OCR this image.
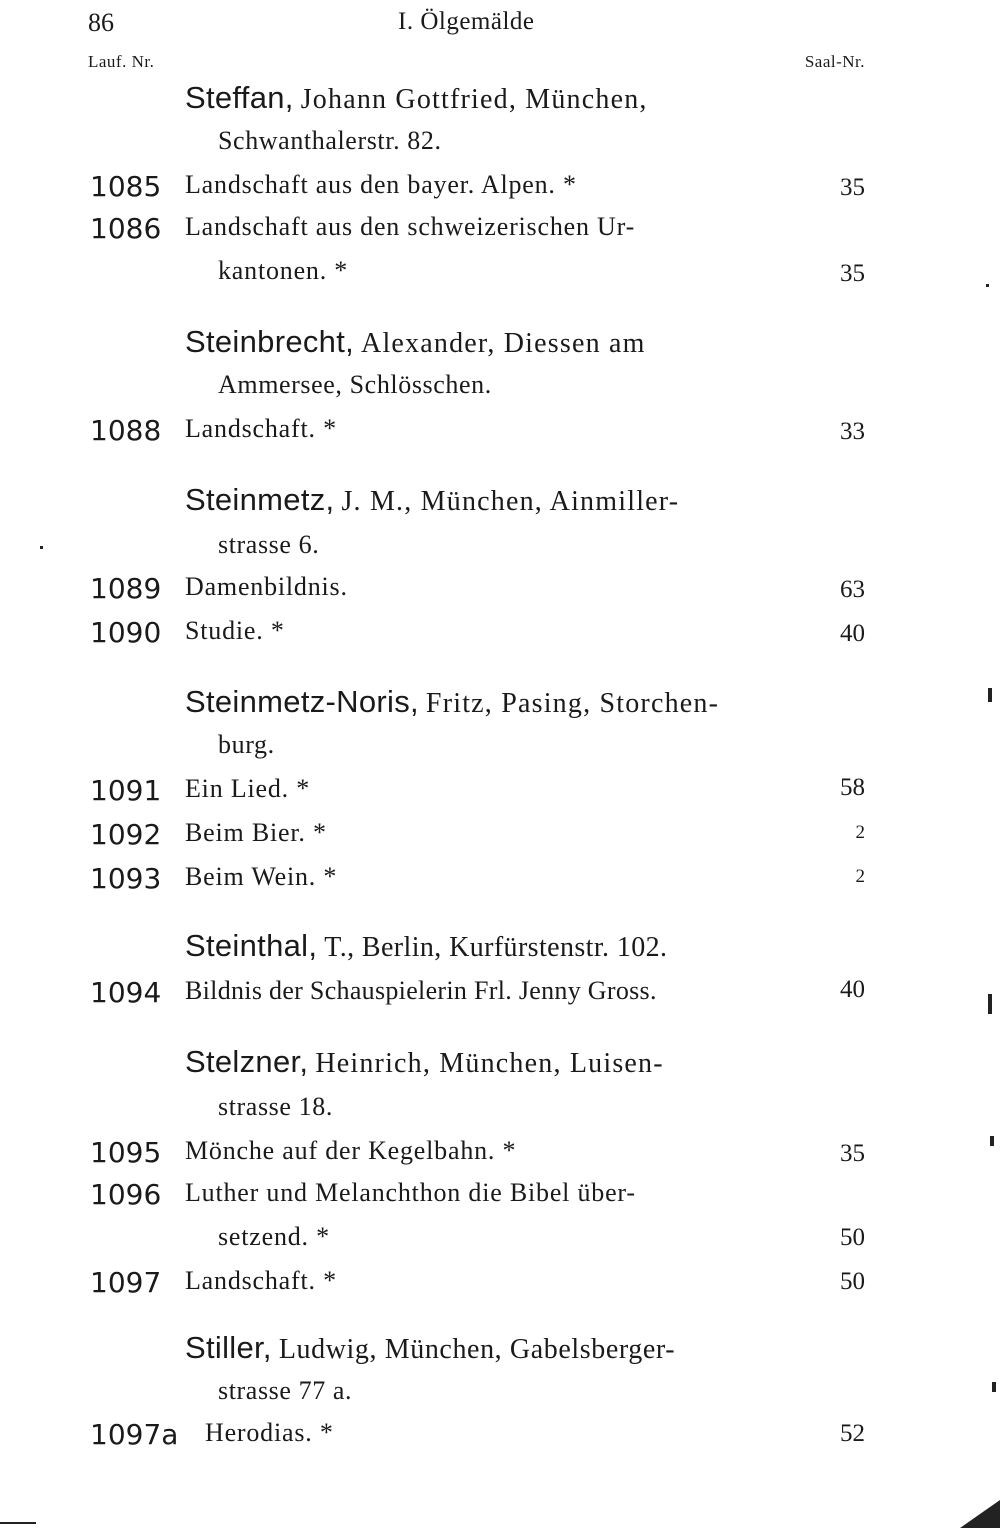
86	I. Ölgemälde
Lauf. Nr.	Saal-Nr.
Steffan, Johann Gottfried, München,
Schwanthalerstr. 82.
1085 Landschaft aus den bayer. Alpen. *	35
1086 Landschaft aus den schweizerischen Ur-
kantonen. *	35
Steinbrecht, Alexander, Diessen am
Ammersee, Schlösschen.
1088 Landschaft. *	33
Steinmetz, J. M., München, Ainmiller-
strasse 6.
1089 Damenbildnis.	63
1090 Studie. *	40
Steinmetz-Noris, Fritz, Pasing, Storchen-
burg.
1091 Ein Lied. *	58
1092 Beim Bier. *	2
1093 Beim Wein. *	2
Steinthal, T., Berlin, Kurfürstenstr. 102.
1094 Bildnis der Schauspielerin Frl. Jenny Gross.	40
Stelzner, Heinrich, München, Luisen-
strasse 18.
1095 Mönche auf der Kegelbahn. *	35
1096 Luther und Melanchthon die Bibel über-
setzend. *	50
1097 Landschaft. *	50
Stiller, Ludwig, München, Gabelsberger-
strasse 77 a.
1097a Herodias. *	52
